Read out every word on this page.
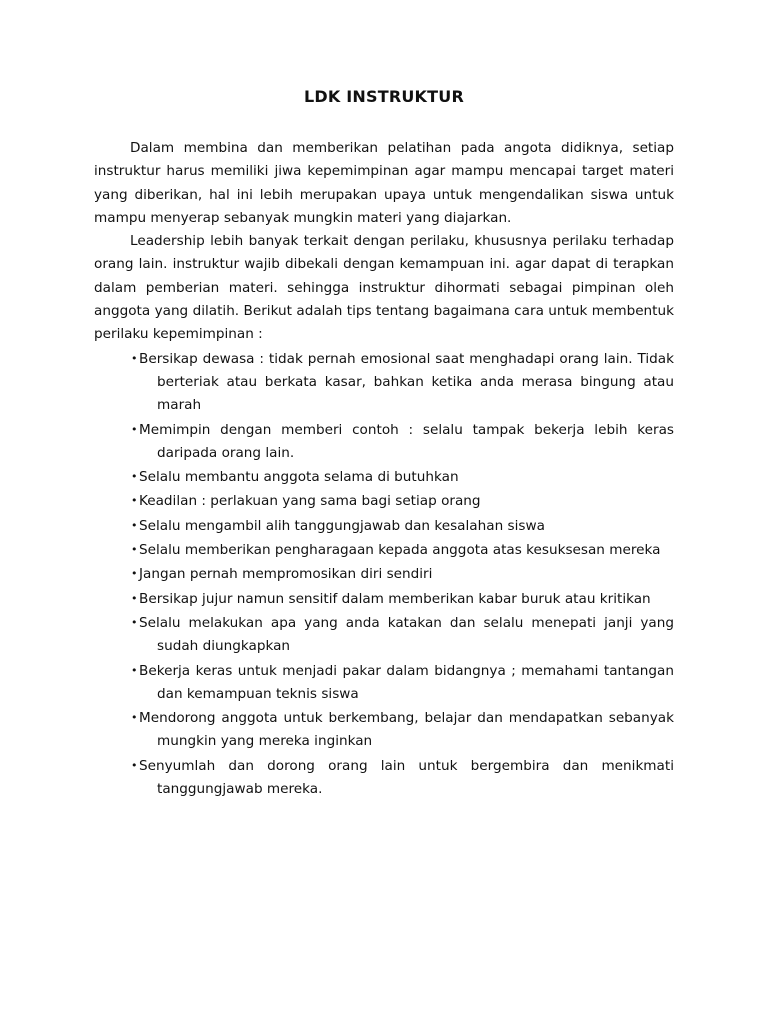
LDK INSTRUKTUR

Dalam membina dan memberikan pelatihan pada angota didiknya, setiap instruktur harus memiliki jiwa kepemimpinan agar mampu mencapai target materi yang diberikan, hal ini lebih merupakan upaya untuk mengendalikan siswa untuk mampu menyerap sebanyak mungkin materi yang diajarkan.

Leadership lebih banyak terkait dengan perilaku, khususnya perilaku terhadap orang lain. instruktur wajib dibekali dengan kemampuan ini. agar dapat di terapkan dalam pemberian materi. sehingga instruktur dihormati sebagai pimpinan oleh anggota yang dilatih. Berikut adalah tips tentang bagaimana cara untuk membentuk perilaku kepemimpinan :

• Bersikap dewasa : tidak pernah emosional saat menghadapi orang lain. Tidak berteriak atau berkata kasar, bahkan ketika anda merasa bingung atau marah
• Memimpin dengan memberi contoh : selalu tampak bekerja lebih keras daripada orang lain.
• Selalu membantu anggota selama di butuhkan
• Keadilan : perlakuan yang sama bagi setiap orang
• Selalu mengambil alih tanggungjawab dan kesalahan siswa
• Selalu memberikan pengharagaan kepada anggota atas kesuksesan mereka
• Jangan pernah mempromosikan diri sendiri
• Bersikap jujur namun sensitif dalam memberikan kabar buruk atau kritikan
• Selalu melakukan apa yang anda katakan dan selalu menepati janji yang sudah diungkapkan
• Bekerja keras untuk menjadi pakar dalam bidangnya ; memahami tantangan dan kemampuan teknis siswa
• Mendorong anggota untuk berkembang, belajar dan mendapatkan sebanyak mungkin yang mereka inginkan
• Senyumlah dan dorong orang lain untuk bergembira dan menikmati tanggungjawab mereka.
